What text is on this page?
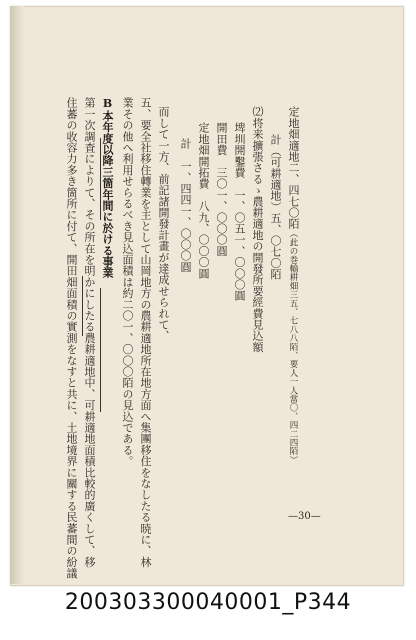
定地畑適地二、四七〇陌（此の巻輸耕畑三五、七八八陌、要人一人當〇、四二四陌）
計（可耕適地）五、〇七〇陌
⑵将来擴張さるゝ農耕適地の開發所要經費見込額
埤圳開鑿費　一、〇五一、〇〇〇圓
開田費　三〇一、〇〇〇圓
定地畑開拓費　八九、〇〇〇圓
計　一、四四一、〇〇〇圓
而して一方、前記諸開發計畫が達成せられて、
五、要全社移住轉業を主として山岡地方の農耕適地所在地方面へ集團移住をなしたる暁に、林
業その他へ利用せらるべき見込面積は約二〇一、〇〇〇陌の見込である。
B本年度以降三箇年間に於ける事業
第一次調査によりて、その所在を明かにしたる農耕適地中、可耕適地面積比較的廣くして、移
住蕃の收容力多き箇所に付て、開田畑面積の實測をなすと共に、土地境界に關する民蕃間の紛議	—30—
200303300040001_P344
